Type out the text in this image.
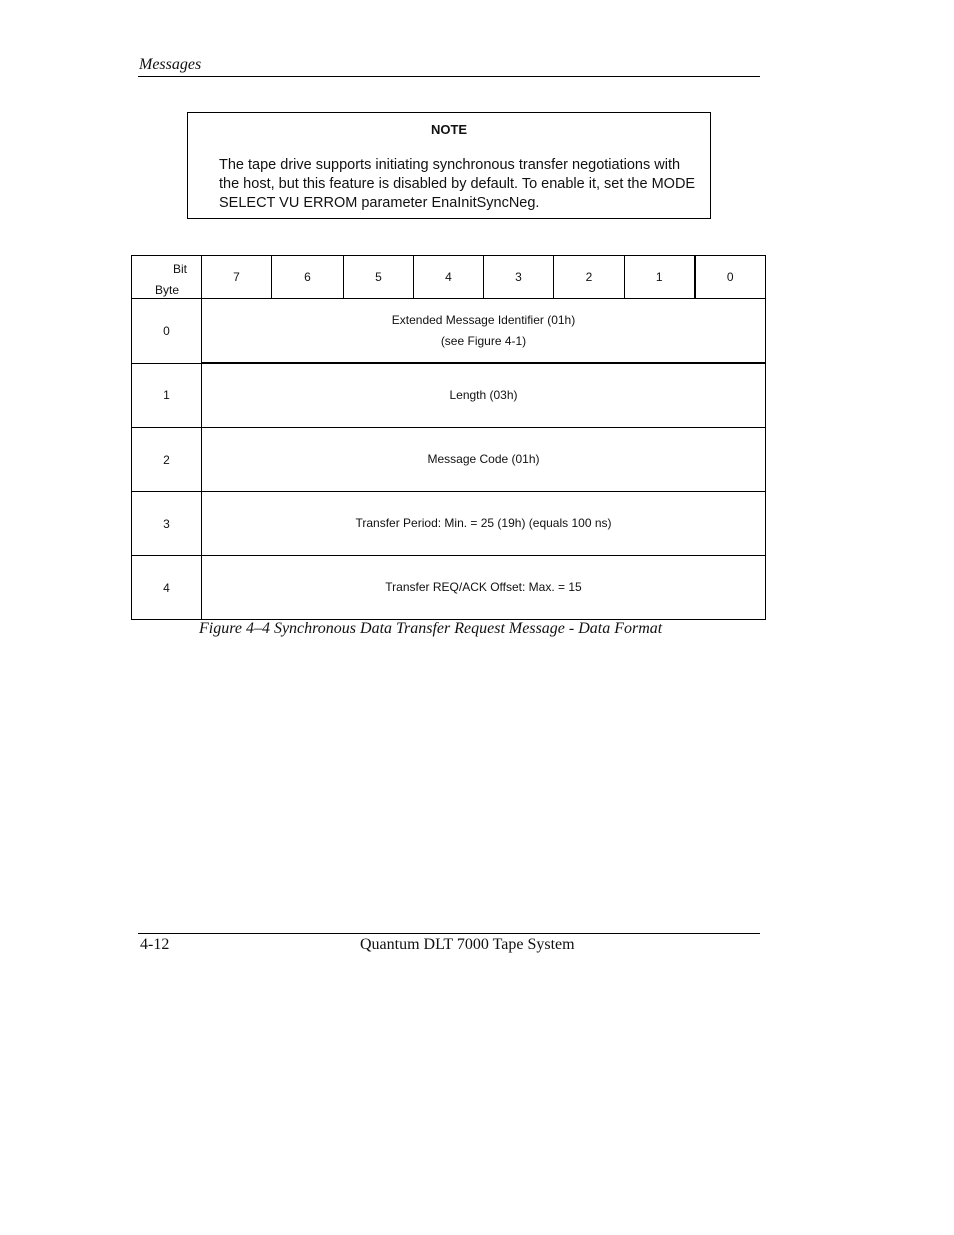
Messages
NOTE
The tape drive supports initiating synchronous transfer negotiations with the host, but this feature is disabled by default. To enable it, set the MODE SELECT VU ERROM parameter EnaInitSyncNeg.
Bit
Byte	7	6	5	4	3	2	1	0
0	Extended Message Identifier (01h)
(see Figure 4-1)							

1	Length (03h)							

2	Message Code (01h)							

3	Transfer Period: Min. = 25 (19h) (equals 100 ns)							

4	Transfer REQ/ACK Offset: Max. = 15							
Figure 4–4 Synchronous Data Transfer Request Message - Data Format
4-12	Quantum DLT 7000 Tape System
